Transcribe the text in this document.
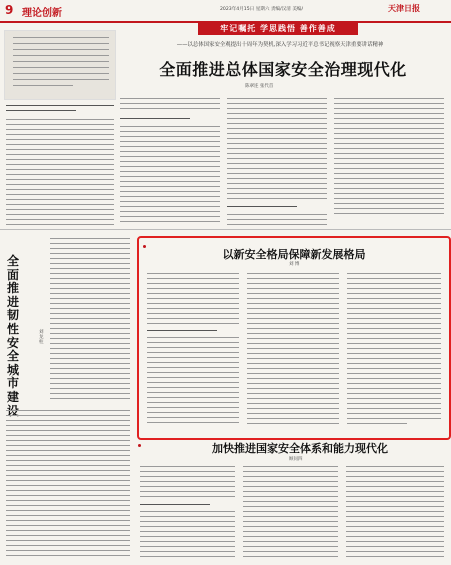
9 理论创新	2023年4月15日 星期六 责编/汉清 美编/	天津日报
牢记嘱托 学思践悟 善作善成
——以总体国家安全观提出十周年为契机,深入学习习近平总书记视察天津重要讲话精神
全面推进总体国家安全治理现代化
陈翠连 张代首
全面推进韧性安全城市建设
刘龙柱
以新安全格局保障新发展格局
刘 博
加快推进国家安全体系和能力现代化
顾问四
